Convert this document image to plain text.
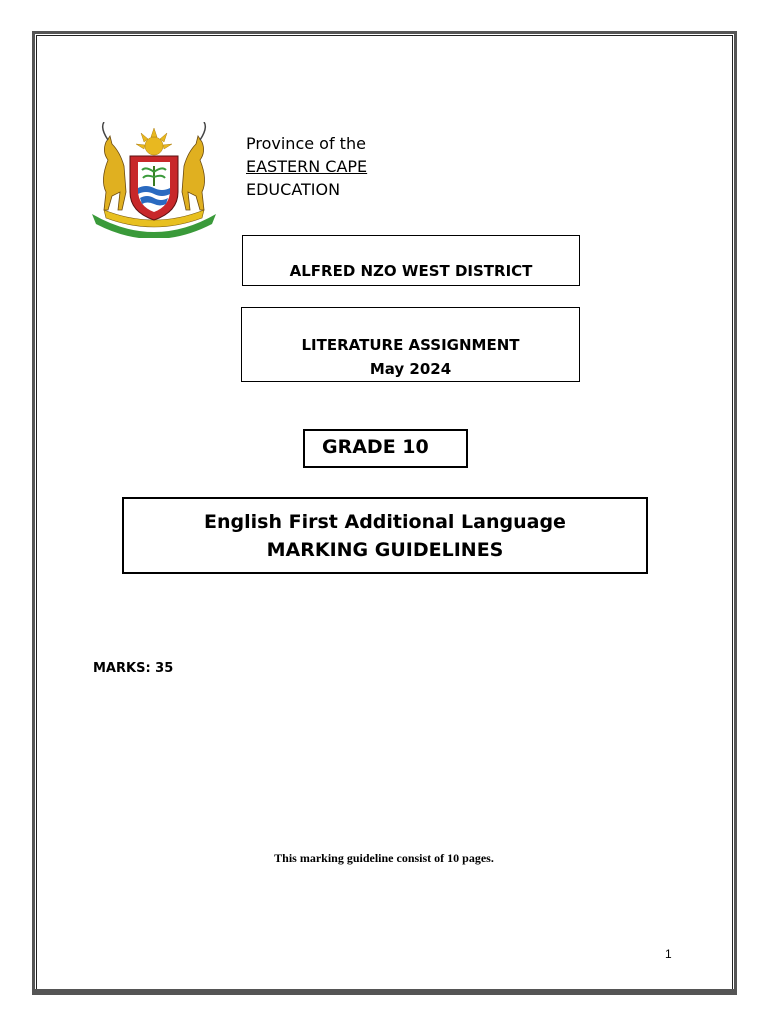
Province of the
EASTERN CAPE
EDUCATION
ALFRED NZO WEST DISTRICT
LITERATURE ASSIGNMENT
May 2024
GRADE 10
English First Additional Language
MARKING GUIDELINES
MARKS: 35
This marking guideline consist of 10 pages.
1
